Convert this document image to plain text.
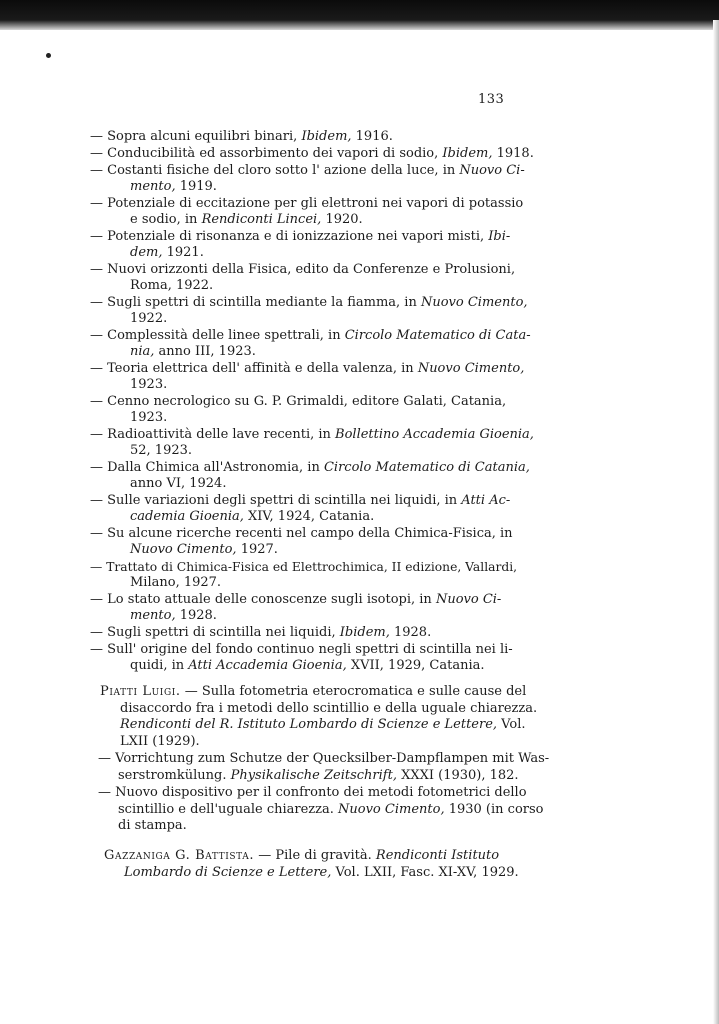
133
— Sopra alcuni equilibri binari, Ibidem, 1916.
— Conducibilità ed assorbimento dei vapori di sodio, Ibidem, 1918.
— Costanti fisiche del cloro sotto l' azione della luce, in Nuovo Ci-
mento, 1919.
— Potenziale di eccitazione per gli elettroni nei vapori di potassio
e sodio, in Rendiconti Lincei, 1920.
— Potenziale di risonanza e di ionizzazione nei vapori misti, Ibi-
dem, 1921.
— Nuovi orizzonti della Fisica, edito da Conferenze e Prolusioni,
Roma, 1922.
— Sugli spettri di scintilla mediante la fiamma, in Nuovo Cimento,
1922.
— Complessità delle linee spettrali, in Circolo Matematico di Cata-
nia, anno III, 1923.
— Teoria elettrica dell' affinità e della valenza, in Nuovo Cimento,
1923.
— Cenno necrologico su G. P. Grimaldi, editore Galati, Catania,
1923.
— Radioattività delle lave recenti, in Bollettino Accademia Gioenia,
52, 1923.
— Dalla Chimica all'Astronomia, in Circolo Matematico di Catania,
anno VI, 1924.
— Sulle variazioni degli spettri di scintilla nei liquidi, in Atti Ac-
cademia Gioenia, XIV, 1924, Catania.
— Su alcune ricerche recenti nel campo della Chimica-Fisica, in
Nuovo Cimento, 1927.
— Trattato di Chimica-Fisica ed Elettrochimica, II edizione, Vallardi,
Milano, 1927.
— Lo stato attuale delle conoscenze sugli isotopi, in Nuovo Ci-
mento, 1928.
— Sugli spettri di scintilla nei liquidi, Ibidem, 1928.
— Sull' origine del fondo continuo negli spettri di scintilla nei li-
quidi, in Atti Accademia Gioenia, XVII, 1929, Catania.
Piatti Luigi. — Sulla fotometria eterocromatica e sulle cause del
disaccordo fra i metodi dello scintillio e della uguale chiarezza.
Rendiconti del R. Istituto Lombardo di Scienze e Lettere, Vol.
LXII (1929).
— Vorrichtung zum Schutze der Quecksilber-Dampflampen mit Was-
serstromkülung. Physikalische Zeitschrift, XXXI (1930), 182.
— Nuovo dispositivo per il confronto dei metodi fotometrici dello
scintillio e dell'uguale chiarezza. Nuovo Cimento, 1930 (in corso
di stampa.
Gazzaniga G. Battista. — Pile di gravità. Rendiconti Istituto
Lombardo di Scienze e Lettere, Vol. LXII, Fasc. XI-XV, 1929.
